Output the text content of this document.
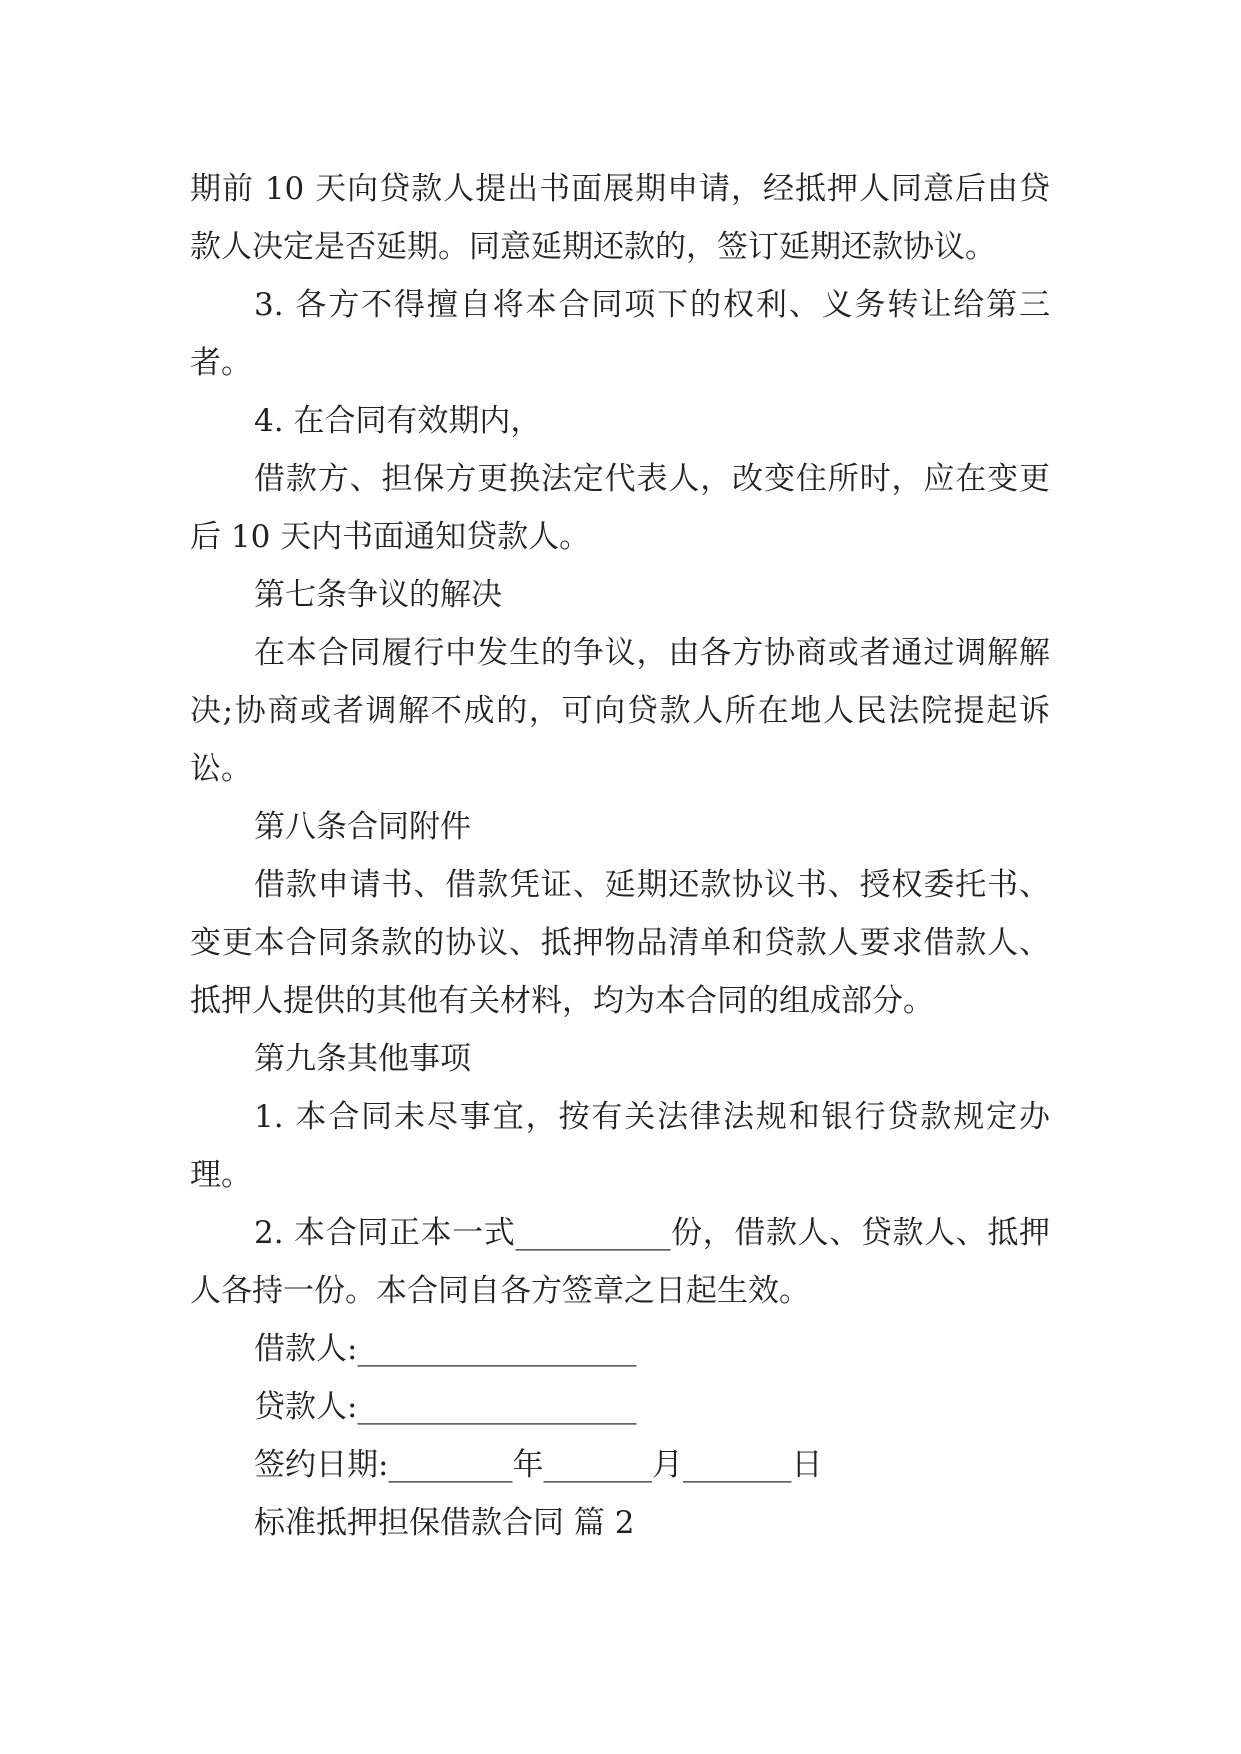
期前 10 天向贷款人提出书面展期申请，经抵押人同意后由贷款人决定是否延期。同意延期还款的，签订延期还款协议。

3. 各方不得擅自将本合同项下的权利、义务转让给第三者。

4. 在合同有效期内，

借款方、担保方更换法定代表人，改变住所时，应在变更后 10 天内书面通知贷款人。

第七条争议的解决

在本合同履行中发生的争议，由各方协商或者通过调解解决;协商或者调解不成的，可向贷款人所在地人民法院提起诉讼。

第八条合同附件

借款申请书、借款凭证、延期还款协议书、授权委托书、变更本合同条款的协议、抵押物品清单和贷款人要求借款人、抵押人提供的其他有关材料，均为本合同的组成部分。

第九条其他事项

1. 本合同未尽事宜，按有关法律法规和银行贷款规定办理。

2. 本合同正本一式__________份，借款人、贷款人、抵押人各持一份。本合同自各方签章之日起生效。

借款人:__________________

贷款人:__________________

签约日期:________年_______月_______日

标准抵押担保借款合同 篇 2
